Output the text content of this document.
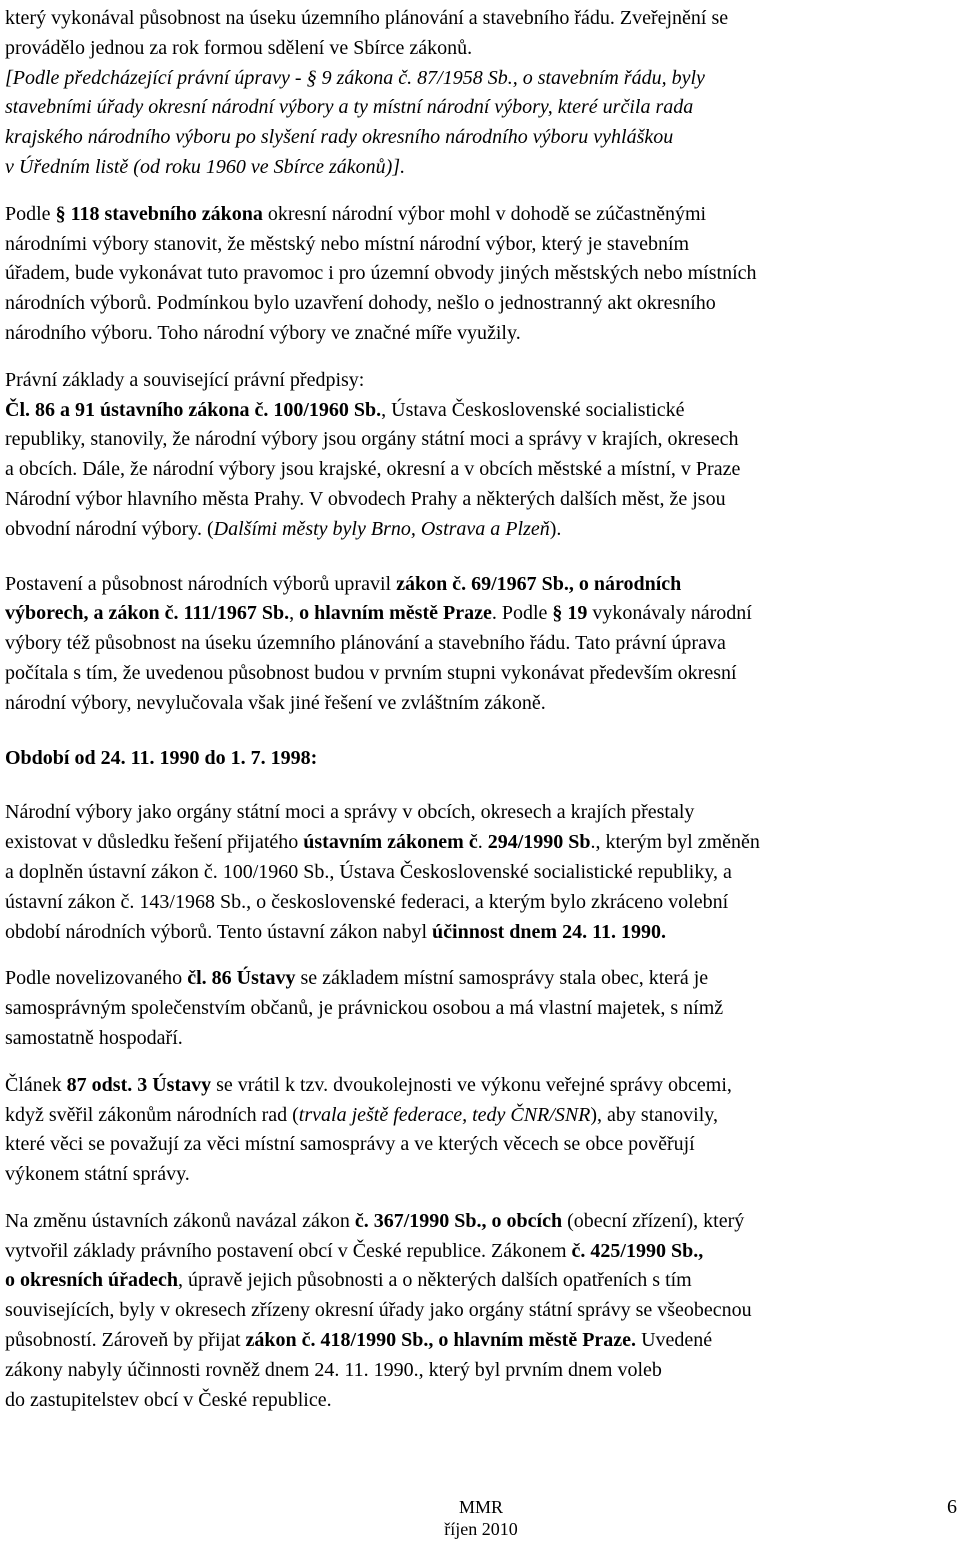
který vykonával působnost na úseku územního plánování a stavebního řádu. Zveřejnění se
provádělo jednou za rok formou sdělení ve Sbírce zákonů.
[Podle předcházející právní úpravy - § 9 zákona č. 87/1958 Sb., o stavebním řádu, byly
stavebními úřady okresní národní výbory a ty místní národní výbory, které určila rada
krajského národního výboru po slyšení rady okresního národního výboru vyhláškou
v Úředním listě (od roku 1960 ve Sbírce zákonů)].
Podle § 118 stavebního zákona okresní národní výbor mohl v dohodě se zúčastněnými
národními výbory stanovit, že městský nebo místní národní výbor, který je stavebním
úřadem, bude vykonávat tuto pravomoc i pro územní obvody jiných městských nebo místních
národních výborů. Podmínkou bylo uzavření dohody, nešlo o jednostranný akt okresního
národního výboru. Toho národní výbory ve značné míře využily.
Právní základy a související právní předpisy:
Čl. 86 a 91 ústavního zákona č. 100/1960 Sb., Ústava Československé socialistické
republiky, stanovily, že národní výbory jsou orgány státní moci a správy v krajích, okresech
a obcích. Dále, že národní výbory jsou krajské, okresní a v obcích městské a místní, v Praze
Národní výbor hlavního města Prahy. V obvodech Prahy a některých dalších měst, že jsou
obvodní národní výbory. (Dalšími městy byly Brno, Ostrava a Plzeň).
Postavení a působnost národních výborů upravil zákon č. 69/1967 Sb., o národních
výborech, a zákon č. 111/1967 Sb., o hlavním městě Praze. Podle § 19 vykonávaly národní
výbory též působnost na úseku územního plánování a stavebního řádu. Tato právní úprava
počítala s tím, že uvedenou působnost budou v prvním stupni vykonávat především okresní
národní výbory, nevylučovala však jiné řešení ve zvláštním zákoně.
Období od 24. 11. 1990 do 1. 7. 1998:
Národní výbory jako orgány státní moci a správy v obcích, okresech a krajích přestaly
existovat v důsledku řešení přijatého ústavním zákonem č. 294/1990 Sb., kterým byl změněn
a doplněn ústavní zákon č. 100/1960 Sb., Ústava Československé socialistické republiky, a
ústavní zákon č. 143/1968 Sb., o československé federaci, a kterým bylo zkráceno volební
období národních výborů. Tento ústavní zákon nabyl účinnost dnem 24. 11. 1990.
Podle novelizovaného čl. 86 Ústavy se základem místní samosprávy stala obec, která je
samosprávným společenstvím občanů, je právnickou osobou a má vlastní majetek, s nímž
samostatně hospodaří.
Článek 87 odst. 3 Ústavy se vrátil k tzv. dvoukolejnosti ve výkonu veřejné správy obcemi,
když svěřil zákonům národních rad (trvala ještě federace, tedy ČNR/SNR), aby stanovily,
které věci se považují za věci místní samosprávy a ve kterých věcech se obce pověřují
výkonem státní správy.
Na změnu ústavních zákonů navázal zákon č. 367/1990 Sb., o obcích (obecní zřízení), který
vytvořil základy právního postavení obcí v České republice. Zákonem č. 425/1990 Sb.,
o okresních úřadech, úpravě jejich působnosti a o některých dalších opatřeních s tím
souvisejících, byly v okresech zřízeny okresní úřady jako orgány státní správy se všeobecnou
působností. Zároveň by přijat zákon č. 418/1990 Sb., o hlavním městě Praze. Uvedené
zákony nabyly účinnosti rovněž dnem 24. 11. 1990., který byl prvním dnem voleb
do zastupitelstev obcí v České republice.
MMR
říjen 2010
6
